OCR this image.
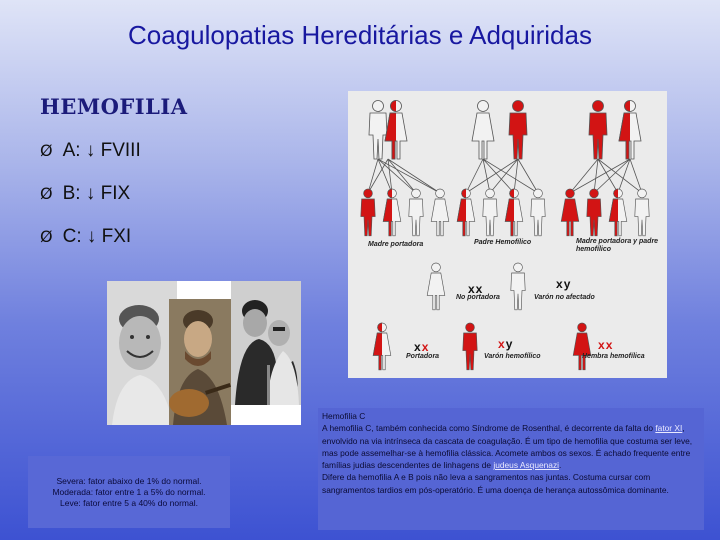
Coagulopatias Hereditárias e Adquiridas
HEMOFILIA
Ø A: ↓ FVIII
Ø B: ↓ FIX
Ø C: ↓ FXI	Madre portadora	Padre Hemofílico	Madre portadora y padre hemofílico
No portadora	Varón no afectado
Portadora	Varón hemofílico	Hembra hemofílica
xx	xy
xx	xy	xx
Severa: fator abaixo de 1% do normal.
Moderada: fator entre 1 a 5% do normal.
Leve: fator entre 5 a 40% do normal.
Hemofilia C
A hemofilia C, também conhecida como Síndrome de Rosenthal, é decorrente da falta do fator XI, envolvido na via intrínseca da cascata de coagulação. É um tipo de hemofilia que costuma ser leve, mas pode assemelhar-se à hemofilia clássica. Acomete ambos os sexos. É achado frequente entre famílias judias descendentes de linhagens de judeus Asquenazi.
Difere da hemofilia A e B pois não leva a sangramentos nas juntas. Costuma cursar com sangramentos tardios em pós-operatório. É uma doença de herança autossômica dominante.
